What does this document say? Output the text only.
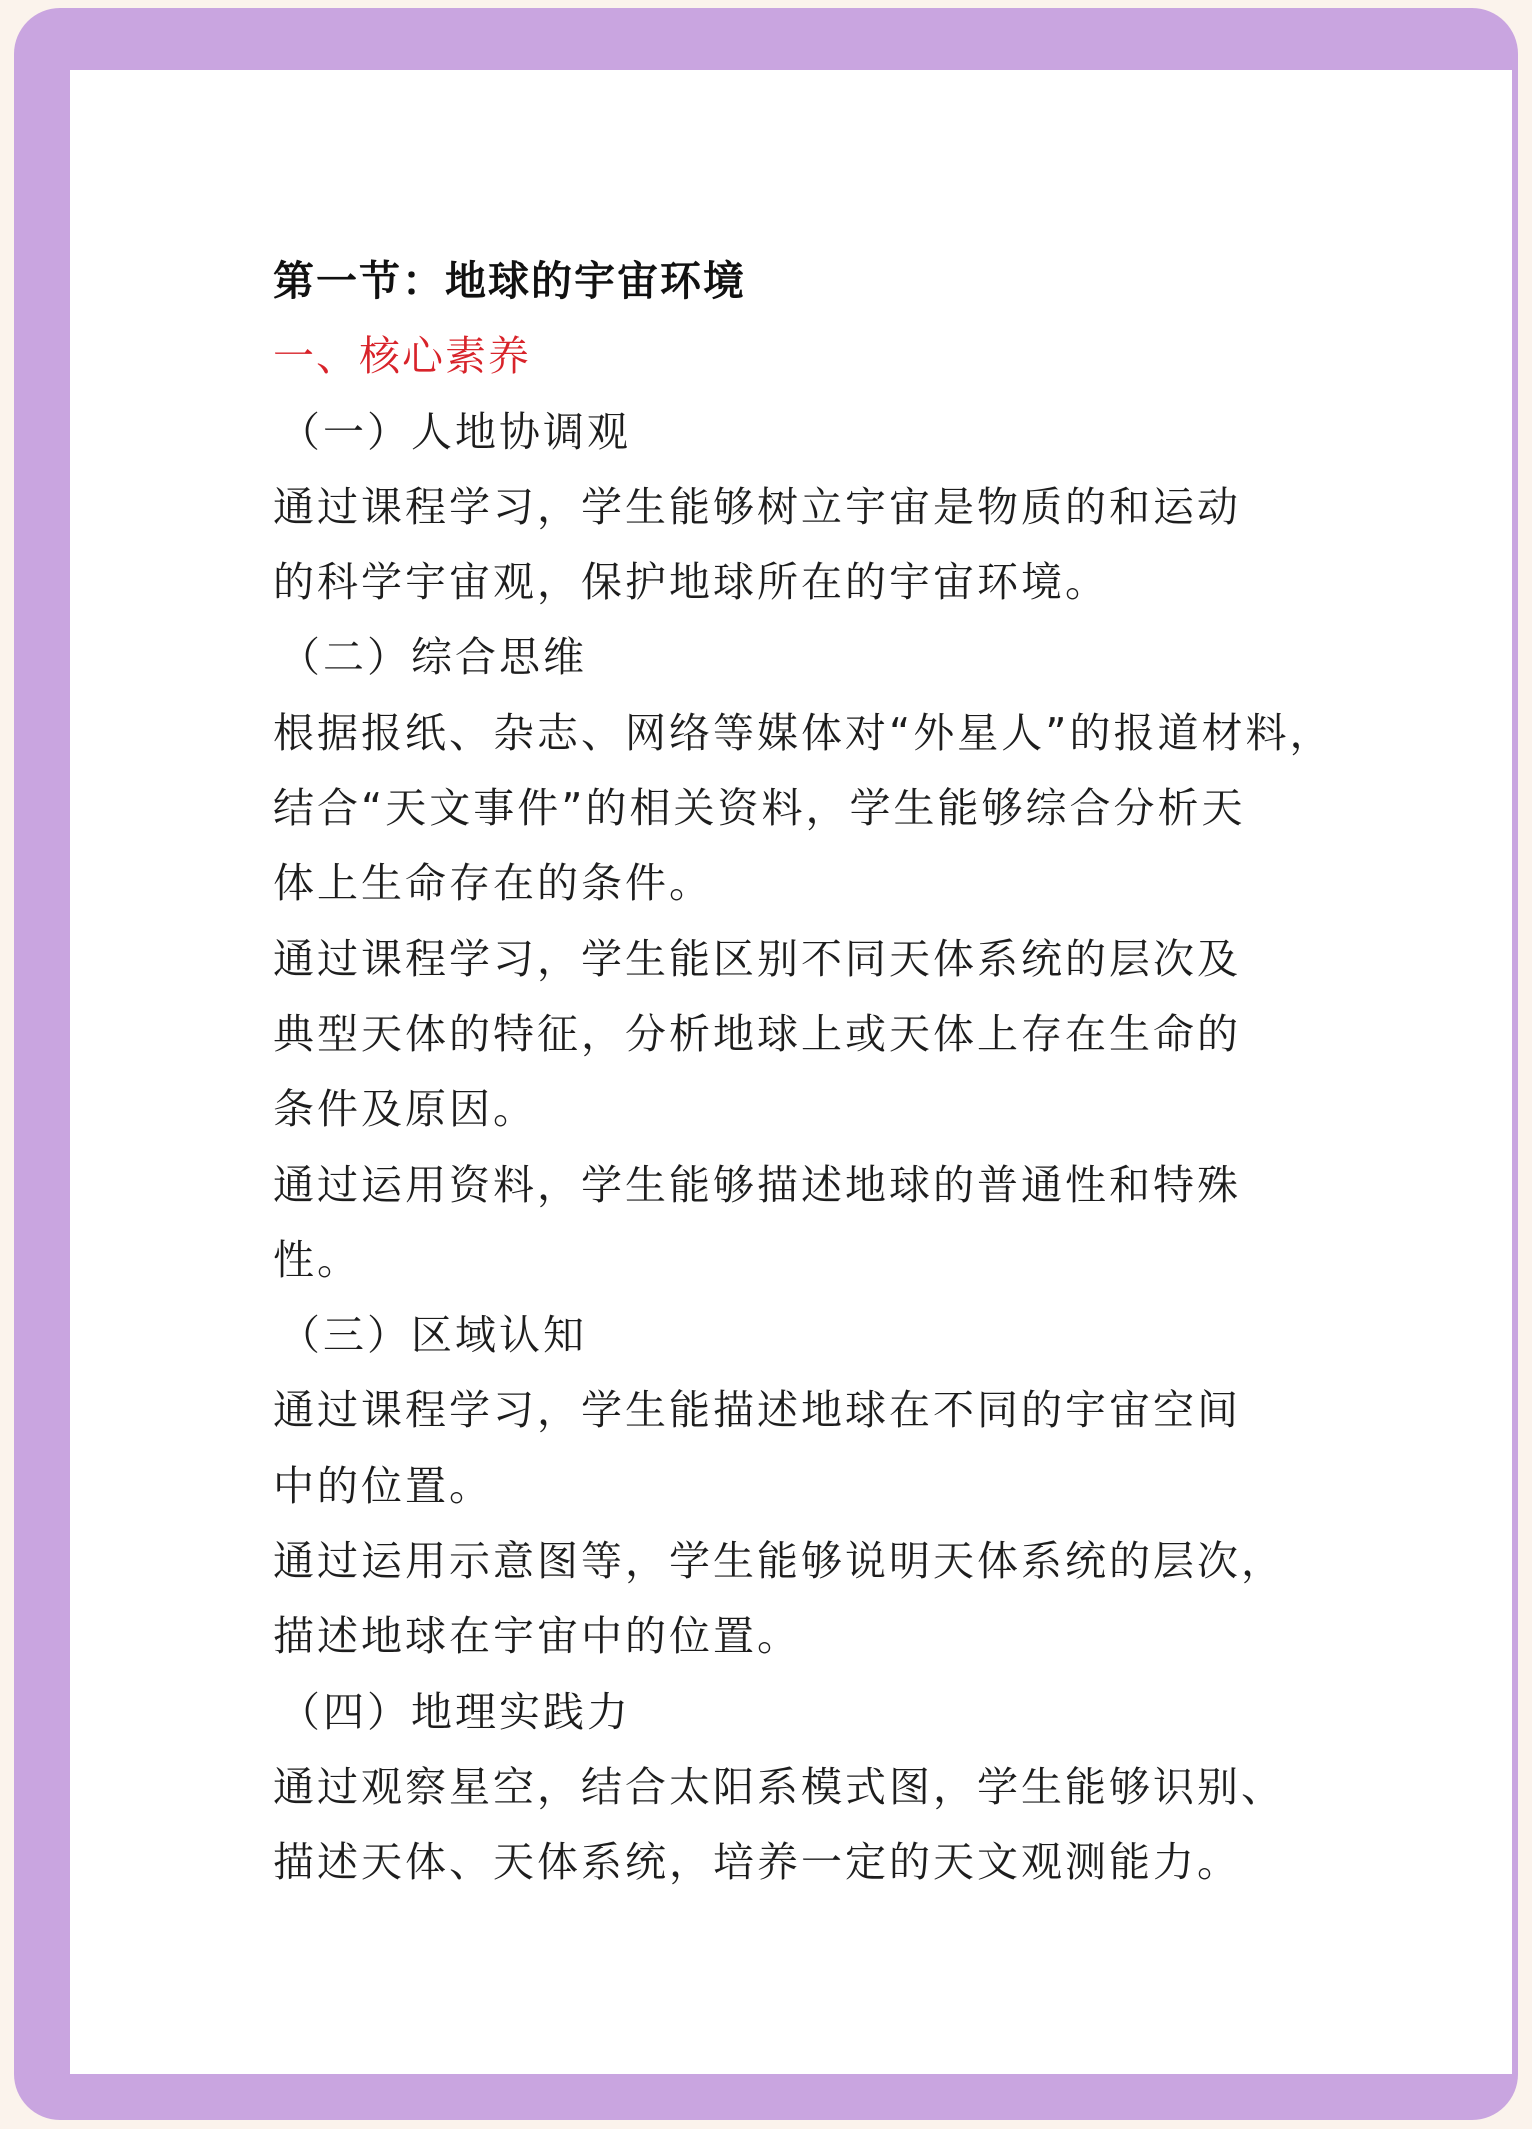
第一节：地球的宇宙环境
一、核心素养
（一）人地协调观
通过课程学习，学生能够树立宇宙是物质的和运动
的科学宇宙观，保护地球所在的宇宙环境。
（二）综合思维
根据报纸、杂志、网络等媒体对“外星人”的报道材料，
结合“天文事件”的相关资料，学生能够综合分析天
体上生命存在的条件。
通过课程学习，学生能区别不同天体系统的层次及
典型天体的特征，分析地球上或天体上存在生命的
条件及原因。
通过运用资料，学生能够描述地球的普通性和特殊
性。
（三）区域认知
通过课程学习，学生能描述地球在不同的宇宙空间
中的位置。
通过运用示意图等，学生能够说明天体系统的层次，
描述地球在宇宙中的位置。
（四）地理实践力
通过观察星空，结合太阳系模式图，学生能够识别、
描述天体、天体系统，培养一定的天文观测能力。
